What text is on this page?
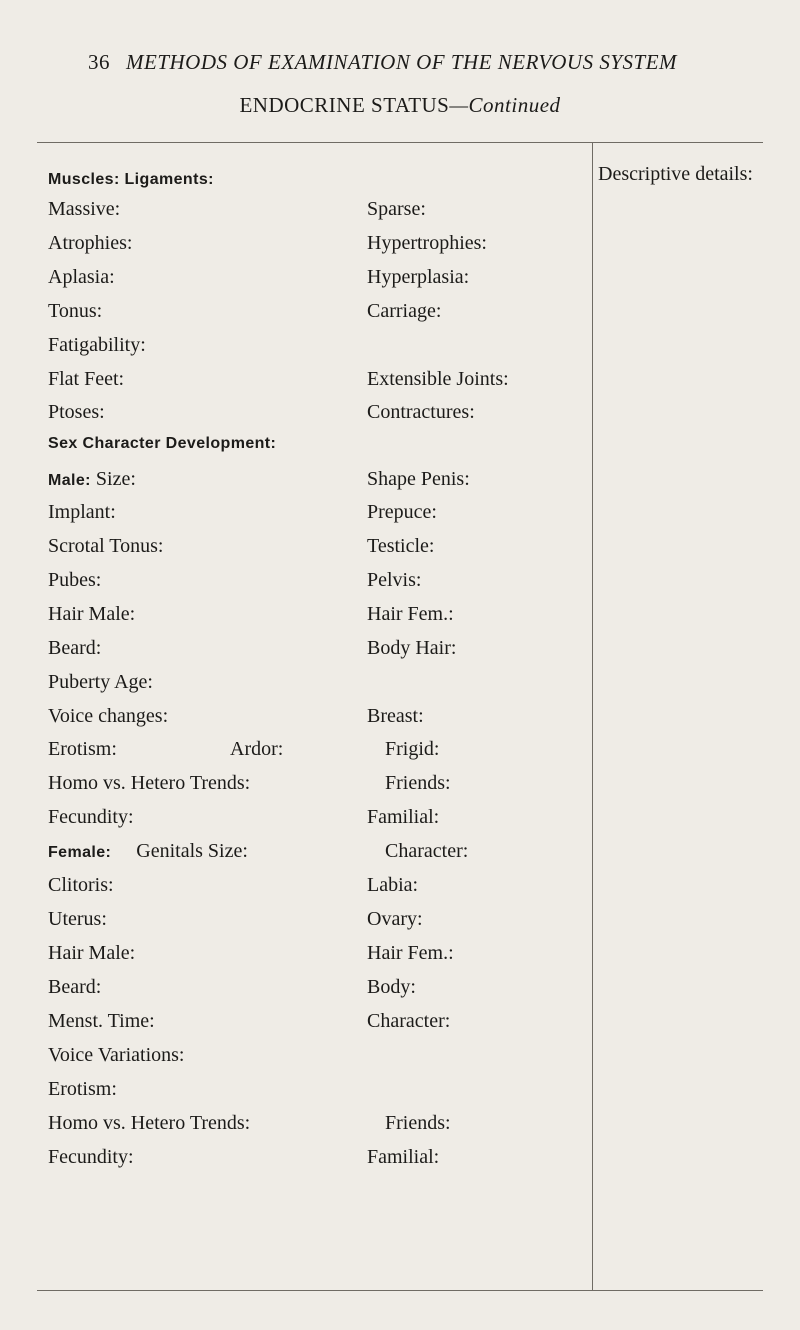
36 METHODS OF EXAMINATION OF THE NERVOUS SYSTEM
ENDOCRINE STATUS—Continued
Descriptive details:
Muscles: Ligaments:
Massive:	Sparse:
Atrophies:	Hypertrophies:
Aplasia:	Hyperplasia:
Tonus:	Carriage:
Fatigability:
Flat Feet:	Extensible Joints:
Ptoses:	Contractures:
Sex Character Development:
Male: Size:	Shape Penis:
Implant:	Prepuce:
Scrotal Tonus:	Testicle:
Pubes:	Pelvis:
Hair Male:	Hair Fem.:
Beard:	Body Hair:
Puberty Age:
Voice changes:	Breast:
Erotism:	Ardor:	Frigid:
Homo vs. Hetero Trends:	Friends:
Fecundity:	Familial:
Female: Genitals Size:	Character:
Clitoris:	Labia:
Uterus:	Ovary:
Hair Male:	Hair Fem.:
Beard:	Body:
Menst. Time:	Character:
Voice Variations:
Erotism:
Homo vs. Hetero Trends:	Friends:
Fecundity:	Familial:
